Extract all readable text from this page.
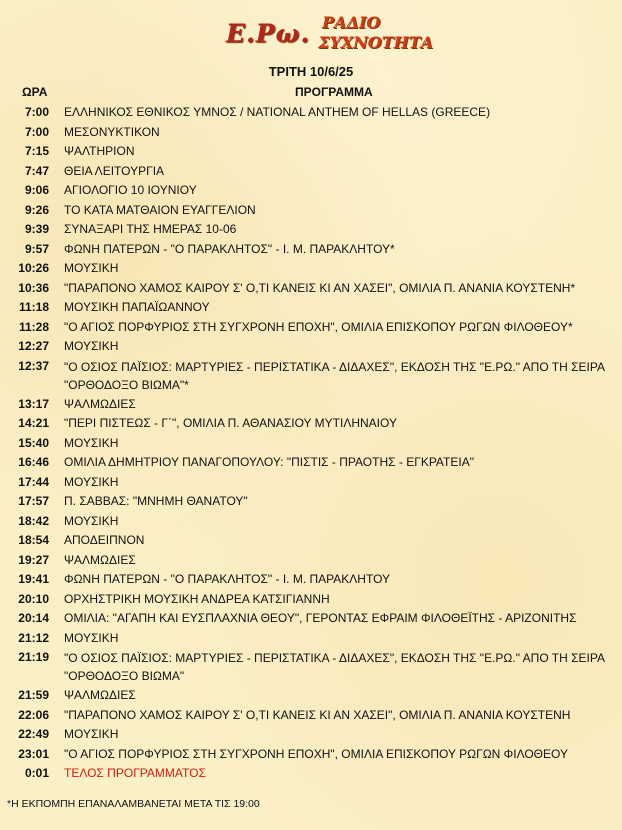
Ε.Ρω. ΡΑΔΙΟ
ΣΥΧΝΟΤΗΤΑ
ΤΡΙΤΗ 10/6/25
ΩΡΑ	ΠΡΟΓΡΑΜΜΑ
7:00	ΕΛΛΗΝΙΚΟΣ ΕΘΝΙΚΟΣ ΥΜΝΟΣ / NATIONAL ANTHEM OF HELLAS (GREECE)
7:00	ΜΕΣΟΝΥΚΤΙΚΟΝ
7:15	ΨΑΛΤΗΡΙΟΝ
7:47	ΘΕΙΑ ΛΕΙΤΟΥΡΓΙΑ
9:06	ΑΓΙΟΛΟΓΙΟ 10 ΙΟΥΝΙΟΥ
9:26	ΤΟ ΚΑΤΑ ΜΑΤΘΑΙΟΝ ΕΥΑΓΓΕΛΙΟΝ
9:39	ΣΥΝΑΞΑΡΙ ΤΗΣ ΗΜΕΡΑΣ 10-06
9:57	ΦΩΝΗ ΠΑΤΕΡΩΝ - "Ο ΠΑΡΑΚΛΗΤΟΣ" - Ι. Μ. ΠΑΡΑΚΛΗΤΟΥ*
10:26	ΜΟΥΣΙΚΗ
10:36	"ΠΑΡΑΠΟΝΟ ΧΑΜΟΣ ΚΑΙΡΟΥ Σ' Ο,ΤΙ ΚΑΝΕΙΣ ΚΙ ΑΝ ΧΑΣΕΙ", ΟΜΙΛΙΑ Π. ΑΝΑΝΙΑ ΚΟΥΣΤΕΝΗ*
11:18	ΜΟΥΣΙΚΗ ΠΑΠΑΪΩΑΝΝΟΥ
11:28	"Ο ΑΓΙΟΣ ΠΟΡΦΥΡΙΟΣ ΣΤΗ ΣΥΓΧΡΟΝΗ ΕΠΟΧΗ", ΟΜΙΛΙΑ ΕΠΙΣΚΟΠΟΥ ΡΩΓΩΝ ΦΙΛΟΘΕΟΥ*
12:27	ΜΟΥΣΙΚΗ
12:37	"Ο ΟΣΙΟΣ ΠΑΪΣΙΟΣ: ΜΑΡΤΥΡΙΕΣ - ΠΕΡΙΣΤΑΤΙΚΑ - ΔΙΔΑΧΕΣ", ΕΚΔΟΣΗ ΤΗΣ "Ε.ΡΩ." ΑΠΟ ΤΗ ΣΕΙΡΑ "ΟΡΘΟΔΟΞΟ ΒΙΩΜΑ"*
13:17	ΨΑΛΜΩΔΙΕΣ
14:21	"ΠΕΡΙ ΠΙΣΤΕΩΣ - Γ΄", ΟΜΙΛΙΑ Π. ΑΘΑΝΑΣΙΟΥ ΜΥΤΙΛΗΝΑΙΟΥ
15:40	ΜΟΥΣΙΚΗ
16:46	ΟΜΙΛΙΑ ΔΗΜΗΤΡΙΟΥ ΠΑΝΑΓΟΠΟΥΛΟΥ: "ΠΙΣΤΙΣ - ΠΡΑΟΤΗΣ - ΕΓΚΡΑΤΕΙΑ"
17:44	ΜΟΥΣΙΚΗ
17:57	Π. ΣΑΒΒΑΣ: "ΜΝΗΜΗ ΘΑΝΑΤΟΥ"
18:42	ΜΟΥΣΙΚΗ
18:54	ΑΠΟΔΕΙΠΝΟΝ
19:27	ΨΑΛΜΩΔΙΕΣ
19:41	ΦΩΝΗ ΠΑΤΕΡΩΝ - "Ο ΠΑΡΑΚΛΗΤΟΣ" - Ι. Μ. ΠΑΡΑΚΛΗΤΟΥ
20:10	ΟΡΧΗΣΤΡΙΚΗ ΜΟΥΣΙΚΗ ΑΝΔΡΕΑ ΚΑΤΣΙΓΙΑΝΝΗ
20:14	ΟΜΙΛΙΑ: "ΑΓΑΠΗ ΚΑΙ ΕΥΣΠΛΑΧΝΙΑ ΘΕΟΥ", ΓΕΡΟΝΤΑΣ ΕΦΡΑΙΜ ΦΙΛΟΘΕΪΤΗΣ - ΑΡΙΖΟΝΙΤΗΣ
21:12	ΜΟΥΣΙΚΗ
21:19	"Ο ΟΣΙΟΣ ΠΑΪΣΙΟΣ: ΜΑΡΤΥΡΙΕΣ - ΠΕΡΙΣΤΑΤΙΚΑ - ΔΙΔΑΧΕΣ", ΕΚΔΟΣΗ ΤΗΣ "Ε.ΡΩ." ΑΠΟ ΤΗ ΣΕΙΡΑ "ΟΡΘΟΔΟΞΟ ΒΙΩΜΑ"
21:59	ΨΑΛΜΩΔΙΕΣ
22:06	"ΠΑΡΑΠΟΝΟ ΧΑΜΟΣ ΚΑΙΡΟΥ Σ' Ο,ΤΙ ΚΑΝΕΙΣ ΚΙ ΑΝ ΧΑΣΕΙ", ΟΜΙΛΙΑ Π. ΑΝΑΝΙΑ ΚΟΥΣΤΕΝΗ
22:49	ΜΟΥΣΙΚΗ
23:01	"Ο ΑΓΙΟΣ ΠΟΡΦΥΡΙΟΣ ΣΤΗ ΣΥΓΧΡΟΝΗ ΕΠΟΧΗ", ΟΜΙΛΙΑ ΕΠΙΣΚΟΠΟΥ ΡΩΓΩΝ ΦΙΛΟΘΕΟΥ
0:01	ΤΕΛΟΣ ΠΡΟΓΡΑΜΜΑΤΟΣ
*Η ΕΚΠΟΜΠΗ ΕΠΑΝΑΛΑΜΒΑΝΕΤΑΙ ΜΕΤΑ ΤΙΣ 19:00
